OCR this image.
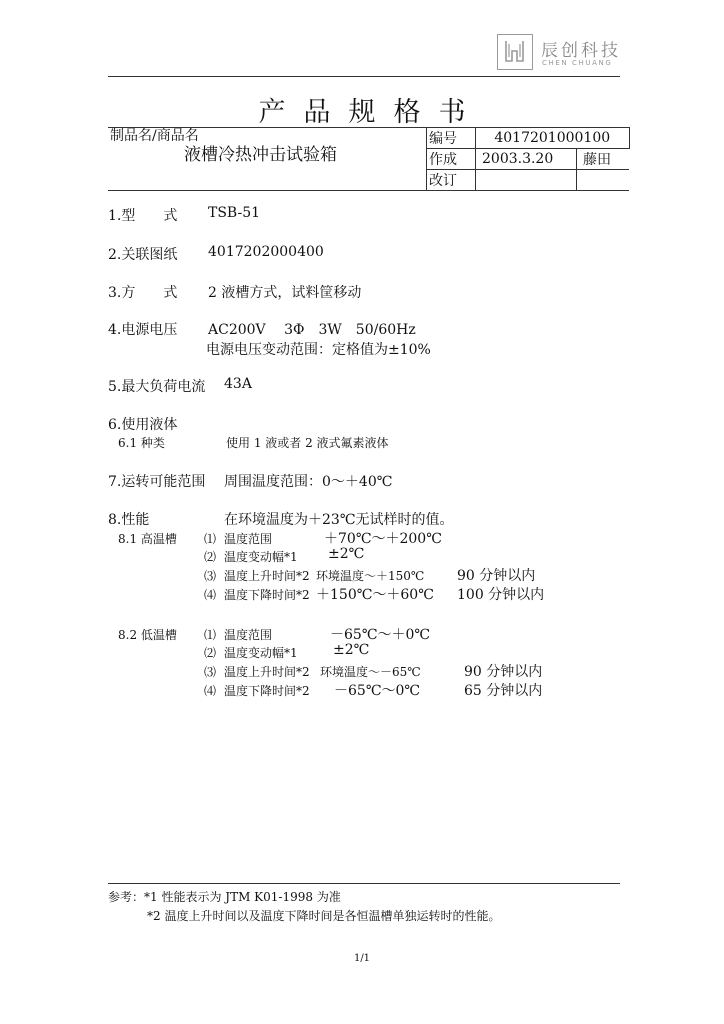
辰创科技
CHEN CHUANG
产品规格书
制品名/商品名
液槽冷热冲击试验箱	编号	4017201000100	
	作成	2003.3.20	藤田
	改订		
1.型　　式 TSB-51
2.关联图纸 4017202000400
3.方　　式 2 液槽方式，试料筐移动
4.电源电压 AC200V　 3Φ　3W　50/60Hz
电源电压变动范围：定格值为±10%
5.最大负荷电流 43A
6.使用液体
6.1 种类	使用 1 液或者 2 液式氟素液体
7.运转可能范围 周围温度范围：0～＋40℃
8.性能	在环境温度为＋23℃无试样时的值。
8.1 高温槽 ⑴ 温度范围	＋70℃～＋200℃
⑵ 温度变动幅*1 ±2℃
⑶ 温度上升时间*2 环境温度～＋150℃ 90 分钟以内
⑷ 温度下降时间*2 ＋150℃～＋60℃ 100 分钟以内
8.2 低温槽 ⑴ 温度范围	－65℃～＋0℃
⑵ 温度变动幅*1	±2℃
⑶ 温度上升时间*2 环境温度～－65℃	90 分钟以内
⑷ 温度下降时间*2 －65℃～0℃	65 分钟以内
参考：*1 性能表示为 JTM K01-1998 为准
*2 温度上升时间以及温度下降时间是各恒温槽单独运转时的性能。
1/1
